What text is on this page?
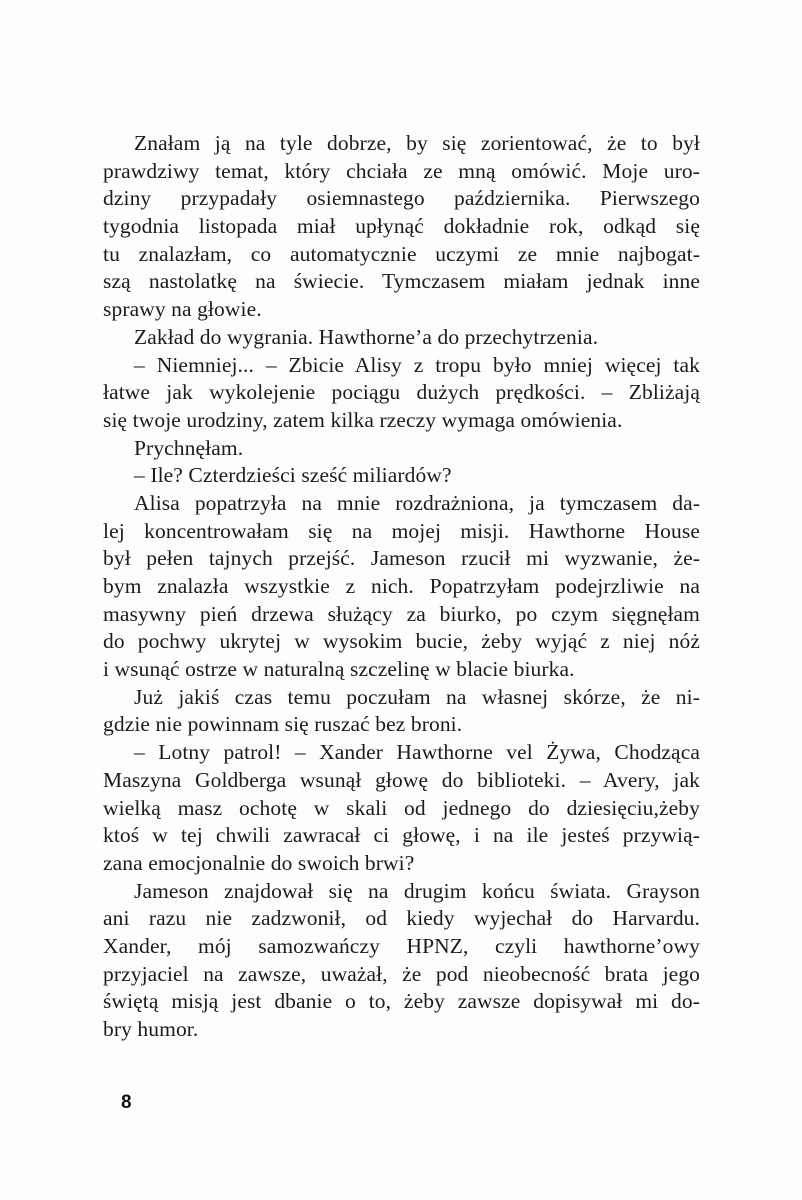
Znałam ją na tyle dobrze, by się zorientować, że to był
prawdziwy temat, który chciała ze mną omówić. Moje uro-
dziny przypadały osiemnastego października. Pierwszego
tygodnia listopada miał upłynąć dokładnie rok, odkąd się
tu znalazłam, co automatycznie uczymi ze mnie najbogat-
szą nastolatkę na świecie. Tymczasem miałam jednak inne
sprawy na głowie.
Zakład do wygrania. Hawthorne’a do przechytrzenia.
– Niemniej... – Zbicie Alisy z tropu było mniej więcej tak
łatwe jak wykolejenie pociągu dużych prędkości. – Zbliżają
się twoje urodziny, zatem kilka rzeczy wymaga omówienia.
Prychnęłam.
– Ile? Czterdzieści sześć miliardów?
Alisa popatrzyła na mnie rozdrażniona, ja tymczasem da-
lej koncentrowałam się na mojej misji. Hawthorne House
był pełen tajnych przejść. Jameson rzucił mi wyzwanie, że-
bym znalazła wszystkie z nich. Popatrzyłam podejrzliwie na
masywny pień drzewa służący za biurko, po czym sięgnęłam
do pochwy ukrytej w wysokim bucie, żeby wyjąć z niej nóż
i wsunąć ostrze w naturalną szczelinę w blacie biurka.
Już jakiś czas temu poczułam na własnej skórze, że ni-
gdzie nie powinnam się ruszać bez broni.
– Lotny patrol! – Xander Hawthorne vel Żywa, Chodząca
Maszyna Goldberga wsunął głowę do biblioteki. – Avery, jak
wielką masz ochotę w skali od jednego do dziesięciu,żeby
ktoś w tej chwili zawracał ci głowę, i na ile jesteś przywią-
zana emocjonalnie do swoich brwi?
Jameson znajdował się na drugim końcu świata. Grayson
ani razu nie zadzwonił, od kiedy wyjechał do Harvardu.
Xander, mój samozwańczy HPNZ, czyli hawthorne’owy
przyjaciel na zawsze, uważał, że pod nieobecność brata jego
świętą misją jest dbanie o to, żeby zawsze dopisywał mi do-
bry humor.
8
